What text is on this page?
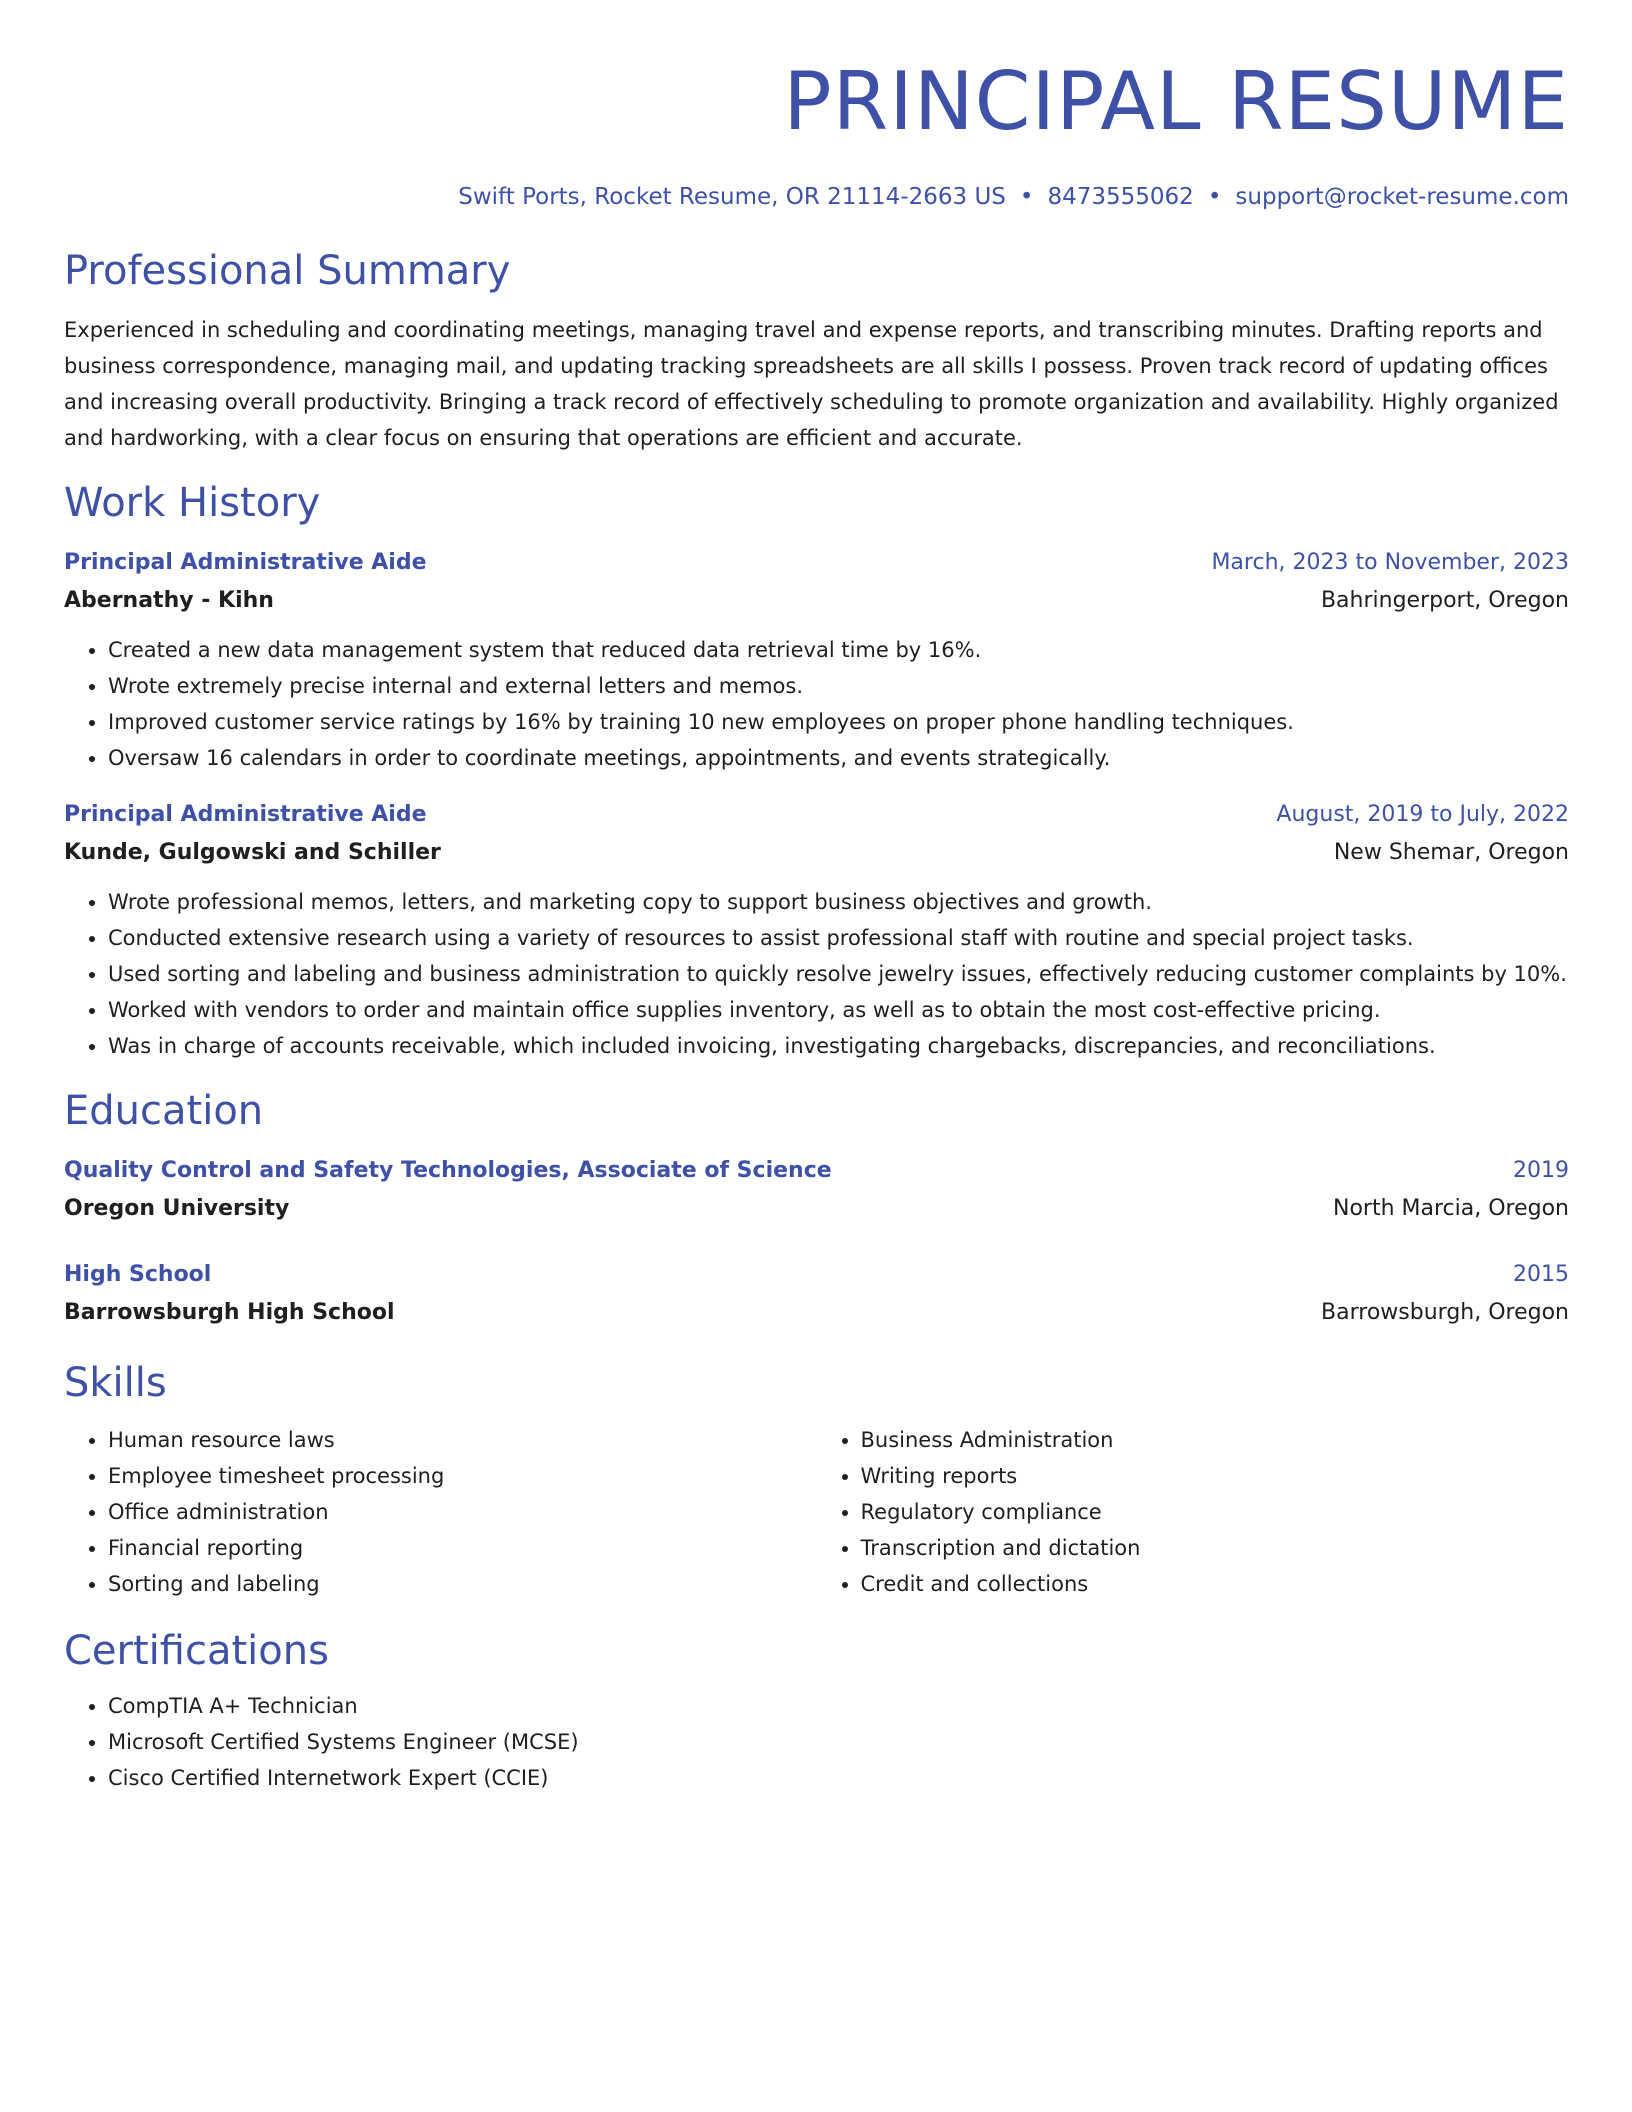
PRINCIPAL RESUME
Swift Ports, Rocket Resume, OR 21114-2663 US • 8473555062 • support@rocket-resume.com
Professional Summary
Experienced in scheduling and coordinating meetings, managing travel and expense reports, and transcribing minutes. Drafting reports and business correspondence, managing mail, and updating tracking spreadsheets are all skills I possess. Proven track record of updating offices and increasing overall productivity. Bringing a track record of effectively scheduling to promote organization and availability. Highly organized and hardworking, with a clear focus on ensuring that operations are efficient and accurate.
Work History
Principal Administrative Aide	March, 2023 to November, 2023
Abernathy - Kihn	Bahringerport, Oregon
• Created a new data management system that reduced data retrieval time by 16%.
• Wrote extremely precise internal and external letters and memos.
• Improved customer service ratings by 16% by training 10 new employees on proper phone handling techniques.
• Oversaw 16 calendars in order to coordinate meetings, appointments, and events strategically.
Principal Administrative Aide	August, 2019 to July, 2022
Kunde, Gulgowski and Schiller	New Shemar, Oregon
• Wrote professional memos, letters, and marketing copy to support business objectives and growth.
• Conducted extensive research using a variety of resources to assist professional staff with routine and special project tasks.
• Used sorting and labeling and business administration to quickly resolve jewelry issues, effectively reducing customer complaints by 10%.
• Worked with vendors to order and maintain office supplies inventory, as well as to obtain the most cost-effective pricing.
• Was in charge of accounts receivable, which included invoicing, investigating chargebacks, discrepancies, and reconciliations.
Education
Quality Control and Safety Technologies, Associate of Science	2019
Oregon University	North Marcia, Oregon
High School	2015
Barrowsburgh High School	Barrowsburgh, Oregon
Skills
• Human resource laws
• Employee timesheet processing
• Office administration
• Financial reporting
• Sorting and labeling
• Business Administration
• Writing reports
• Regulatory compliance
• Transcription and dictation
• Credit and collections
Certifications
• CompTIA A+ Technician
• Microsoft Certified Systems Engineer (MCSE)
• Cisco Certified Internetwork Expert (CCIE)
